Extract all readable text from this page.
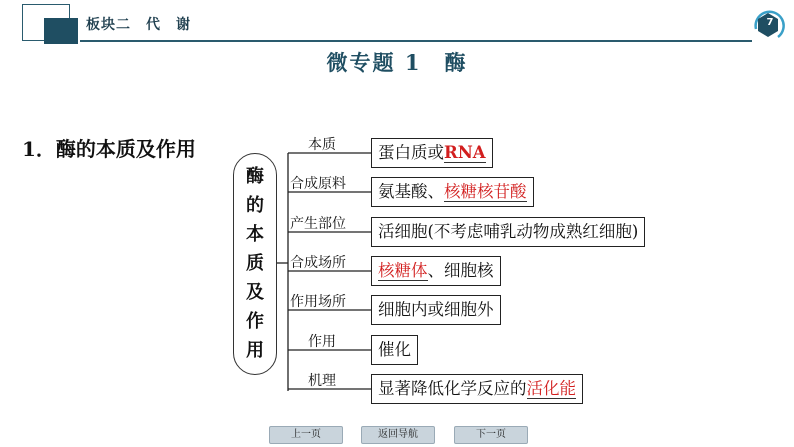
板块二　代　谢	7
微专题 1　酶
1．酶的本质及作用
酶
的
本
质
及
作
用
本质	蛋白质或RNA
合成原料	氨基酸、核糖核苷酸
产生部位	活细胞(不考虑哺乳动物成熟红细胞)
合成场所	核糖体、细胞核
作用场所	细胞内或细胞外
作用	催化
机理	显著降低化学反应的活化能
上一页	返回导航	下一页
